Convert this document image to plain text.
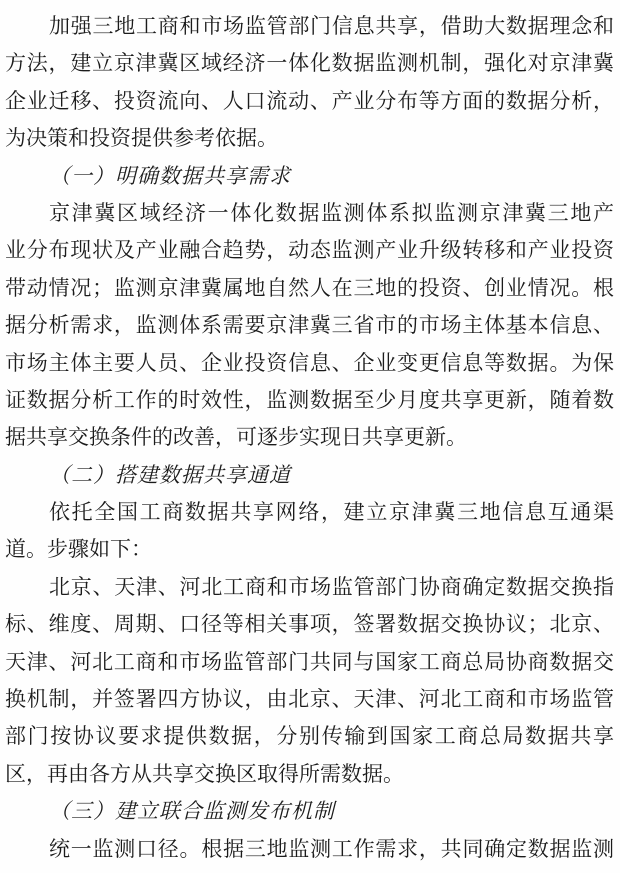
加强三地工商和市场监管部门信息共享，借助大数据理念和
方法，建立京津冀区域经济一体化数据监测机制，强化对京津冀
企业迁移、投资流向、人口流动、产业分布等方面的数据分析，
为决策和投资提供参考依据。
（一）明确数据共享需求
京津冀区域经济一体化数据监测体系拟监测京津冀三地产
业分布现状及产业融合趋势，动态监测产业升级转移和产业投资
带动情况；监测京津冀属地自然人在三地的投资、创业情况。根
据分析需求，监测体系需要京津冀三省市的市场主体基本信息、
市场主体主要人员、企业投资信息、企业变更信息等数据。为保
证数据分析工作的时效性，监测数据至少月度共享更新，随着数
据共享交换条件的改善，可逐步实现日共享更新。
（二）搭建数据共享通道
依托全国工商数据共享网络，建立京津冀三地信息互通渠
道。步骤如下：
北京、天津、河北工商和市场监管部门协商确定数据交换指
标、维度、周期、口径等相关事项，签署数据交换协议；北京、
天津、河北工商和市场监管部门共同与国家工商总局协商数据交
换机制，并签署四方协议，由北京、天津、河北工商和市场监管
部门按协议要求提供数据，分别传输到国家工商总局数据共享
区，再由各方从共享交换区取得所需数据。
（三）建立联合监测发布机制
统一监测口径。根据三地监测工作需求，共同确定数据监测
